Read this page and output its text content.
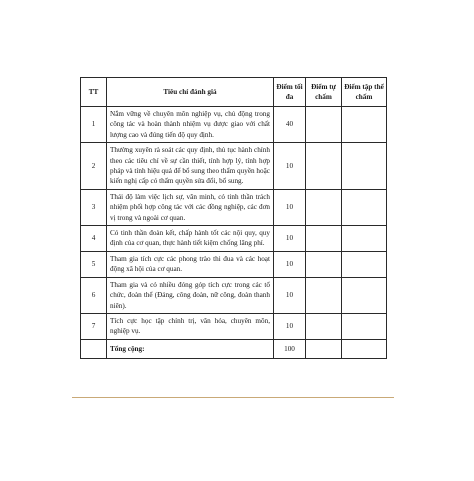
TT	Tiêu chí đánh giá	Điểm tối đa	Điểm tự chấm	Điểm tập thể chấm
1	Nắm vững về chuyên môn nghiệp vụ, chủ động trong công tác và hoàn thành nhiệm vụ được giao với chất lượng cao và đúng tiến độ quy định.	40		
2	Thường xuyên rà soát các quy định, thủ tục hành chính theo các tiêu chí về sự cần thiết, tính hợp lý, tính hợp pháp và tính hiệu quả để bổ sung theo thẩm quyền hoặc kiến nghị cấp có thẩm quyền sửa đổi, bổ sung.	10		
3	Thái độ làm việc lịch sự, văn minh, có tinh thần trách nhiệm phối hợp công tác với các đồng nghiệp, các đơn vị trong và ngoài cơ quan.	10		
4	Có tinh thần đoàn kết, chấp hành tốt các nội quy, quy định của cơ quan, thực hành tiết kiệm chống lãng phí.	10		
5	Tham gia tích cực các phong trào thi đua và các hoạt động xã hội của cơ quan.	10		
6	Tham gia và có nhiều đóng góp tích cực trong các tổ chức, đoàn thể (Đảng, công đoàn, nữ công, đoàn thanh niên).	10		
7	Tích cực học tập chính trị, văn hóa, chuyên môn, nghiệp vụ.	10		
	Tổng cộng:	100		
